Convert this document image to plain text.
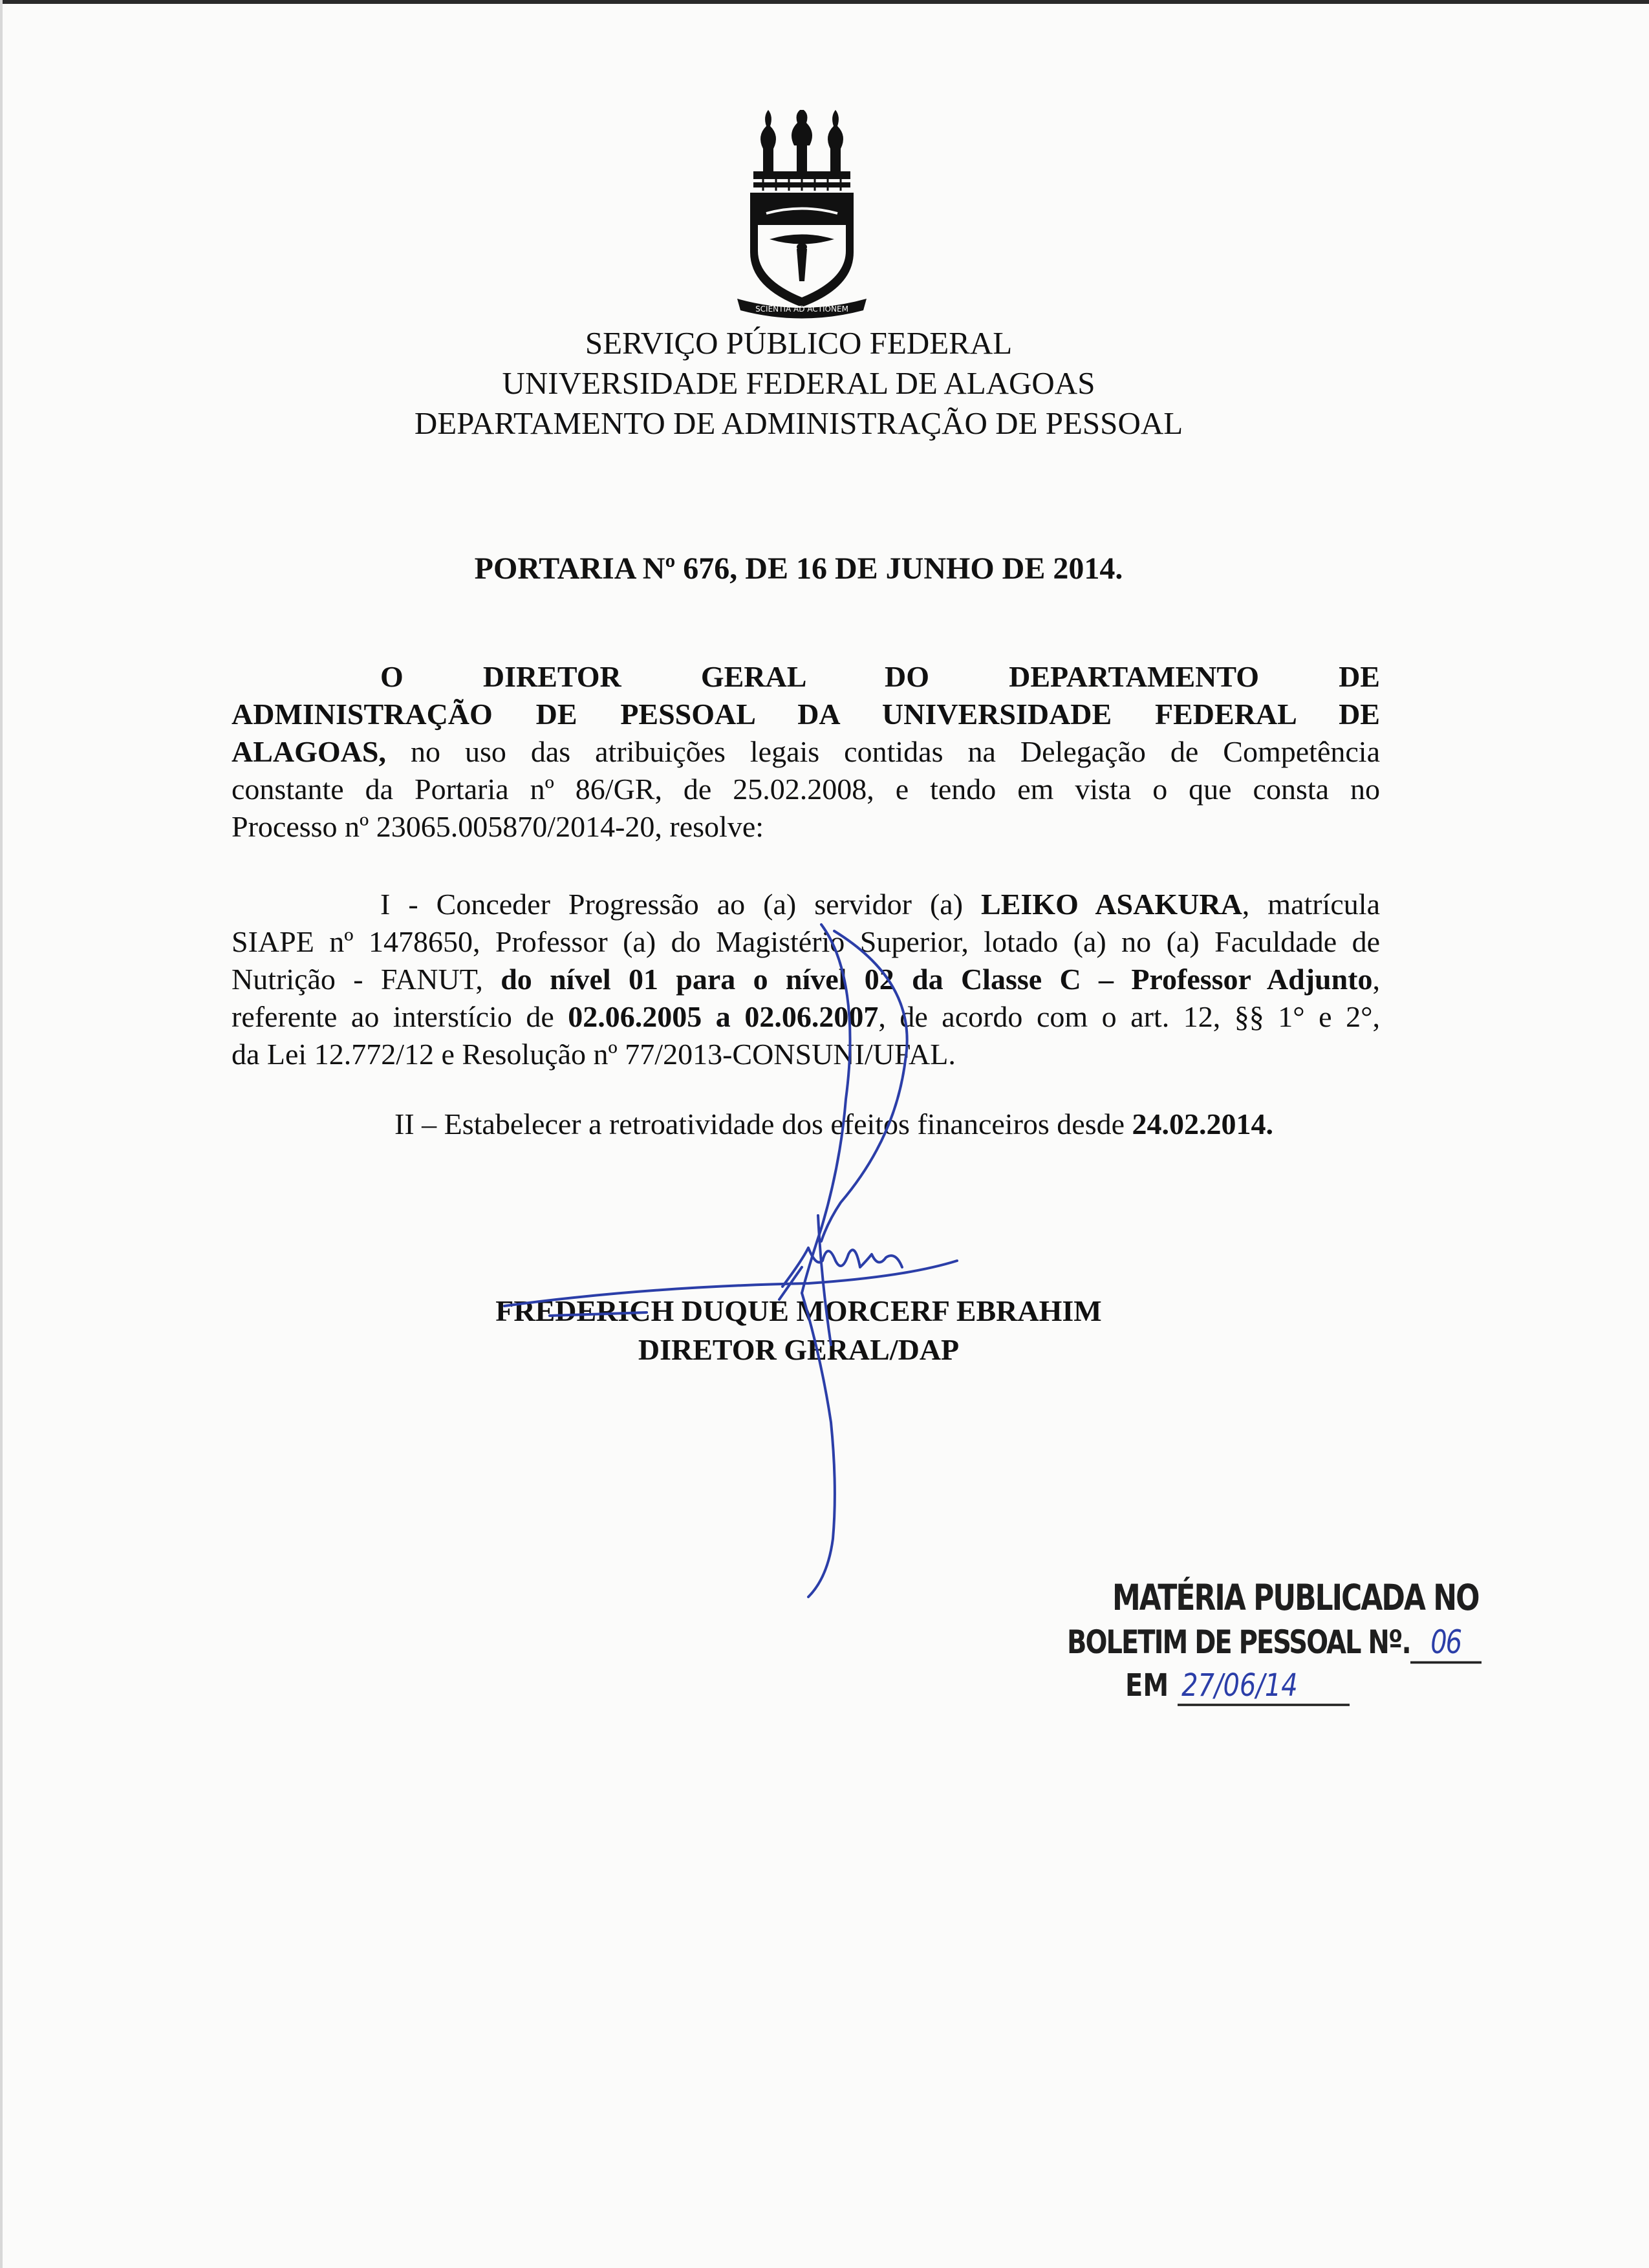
SCIENTIA AD ACTIONEM
SERVIÇO PÚBLICO FEDERAL
UNIVERSIDADE FEDERAL DE ALAGOAS
DEPARTAMENTO DE ADMINISTRAÇÃO DE PESSOAL
PORTARIA Nº 676, DE 16 DE JUNHO DE 2014.
O DIRETOR GERAL DO DEPARTAMENTO DE
ADMINISTRAÇÃO DE PESSOAL DA UNIVERSIDADE FEDERAL DE
ALAGOAS, no uso das atribuições legais contidas na Delegação de Competência
constante da Portaria nº 86/GR, de 25.02.2008, e tendo em vista o que consta no
Processo nº 23065.005870/2014-20, resolve:
I - Conceder Progressão ao (a) servidor (a) LEIKO ASAKURA, matrícula
SIAPE nº 1478650, Professor (a) do Magistério Superior, lotado (a) no (a) Faculdade de
Nutrição - FANUT, do nível 01 para o nível 02 da Classe C – Professor Adjunto,
referente ao interstício de 02.06.2005 a 02.06.2007, de acordo com o art. 12, §§ 1° e 2°,
da Lei 12.772/12 e Resolução nº 77/2013-CONSUNI/UFAL.
II – Estabelecer a retroatividade dos efeitos financeiros desde 24.02.2014.
FREDERICH DUQUE MORCERF EBRAHIM
DIRETOR GERAL/DAP
MATÉRIA PUBLICADA NO
BOLETIM DE PESSOAL Nº. 06
EM 27/06/14
